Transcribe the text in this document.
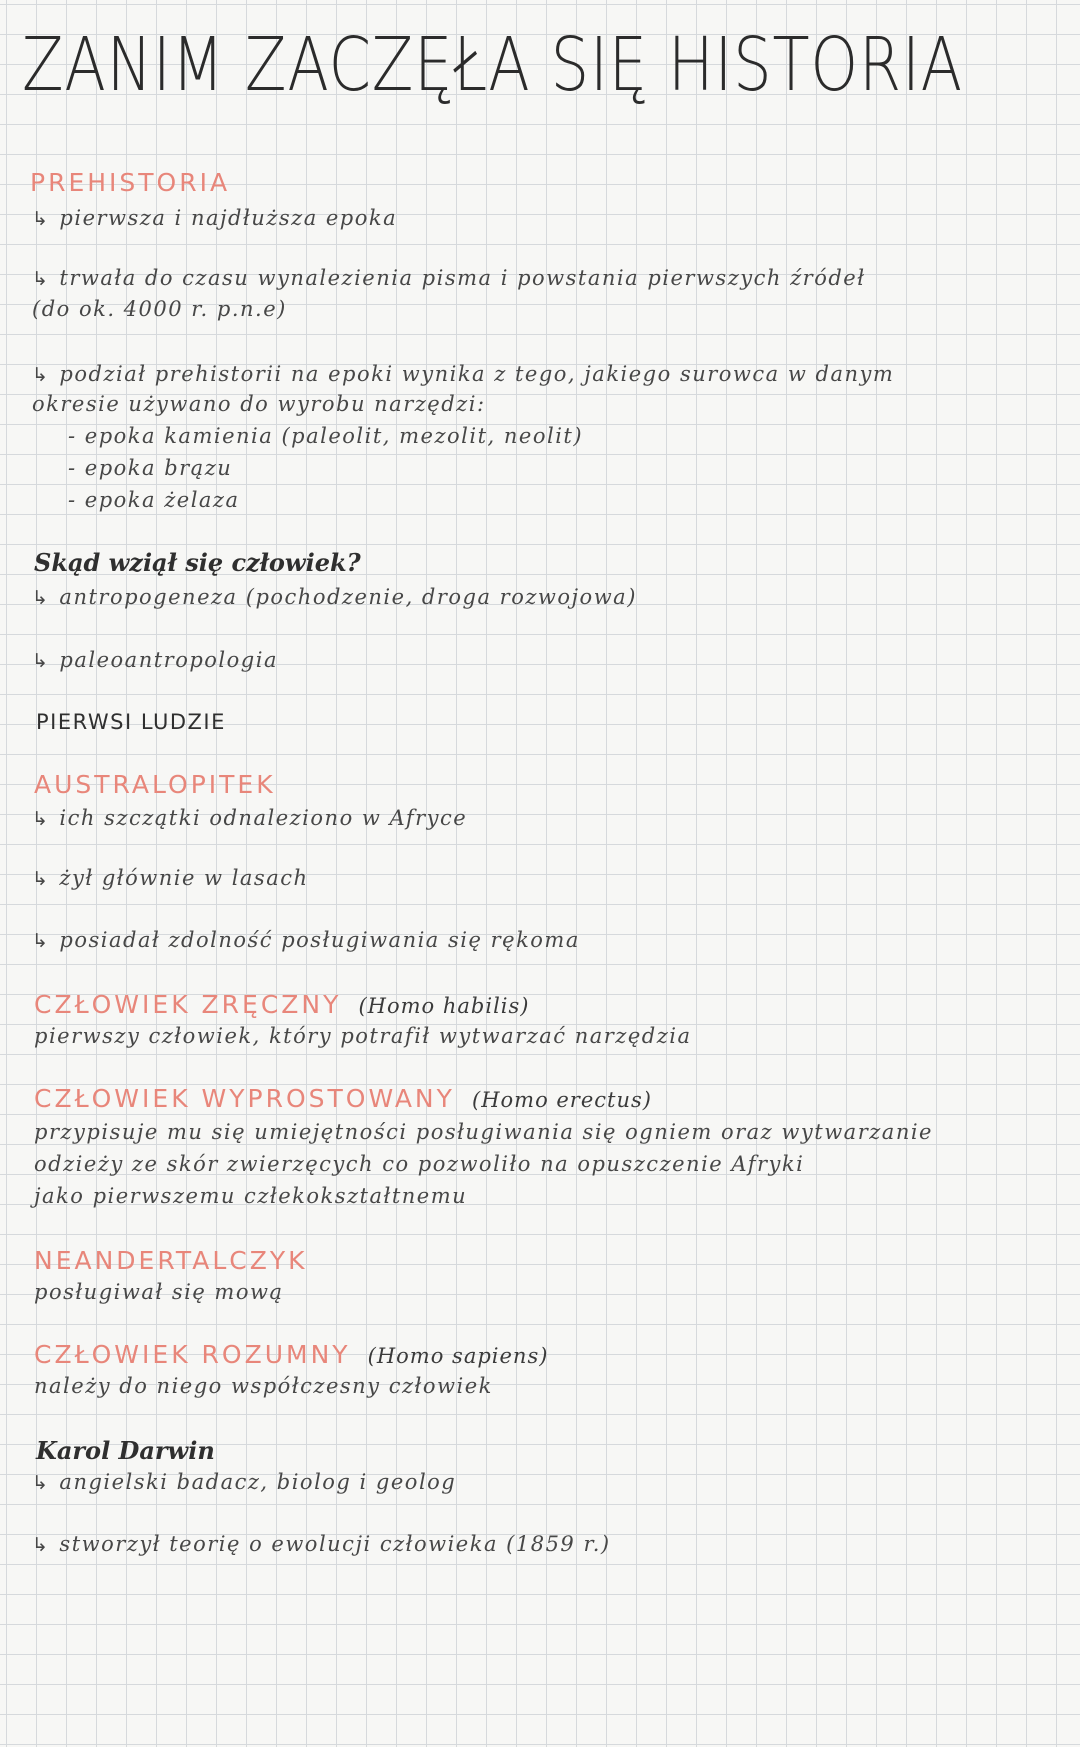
ZANIM ZACZĘŁA SIĘ HISTORIA
PREHISTORIA
↳ pierwsza i najdłuższa epoka
↳ trwała do czasu wynalezienia pisma i powstania pierwszych źródeł
(do ok. 4000 r. p.n.e)
↳ podział prehistorii na epoki wynika z tego, jakiego surowca w danym
okresie używano do wyrobu narzędzi:
- epoka kamienia (paleolit, mezolit, neolit)
- epoka brązu
- epoka żelaza
Skąd wziął się człowiek?
↳ antropogeneza (pochodzenie, droga rozwojowa)
↳ paleoantropologia
PIERWSI LUDZIE
AUSTRALOPITEK
↳ ich szczątki odnaleziono w Afryce
↳ żył głównie w lasach
↳ posiadał zdolność posługiwania się rękoma
CZŁOWIEK ZRĘCZNY (Homo habilis)
pierwszy człowiek, który potrafił wytwarzać narzędzia
CZŁOWIEK WYPROSTOWANY (Homo erectus)
przypisuje mu się umiejętności posługiwania się ogniem oraz wytwarzanie
odzieży ze skór zwierzęcych co pozwoliło na opuszczenie Afryki
jako pierwszemu człekokształtnemu
NEANDERTALCZYK
posługiwał się mową
CZŁOWIEK ROZUMNY (Homo sapiens)
należy do niego współczesny człowiek
Karol Darwin
↳ angielski badacz, biolog i geolog
↳ stworzył teorię o ewolucji człowieka (1859 r.)
